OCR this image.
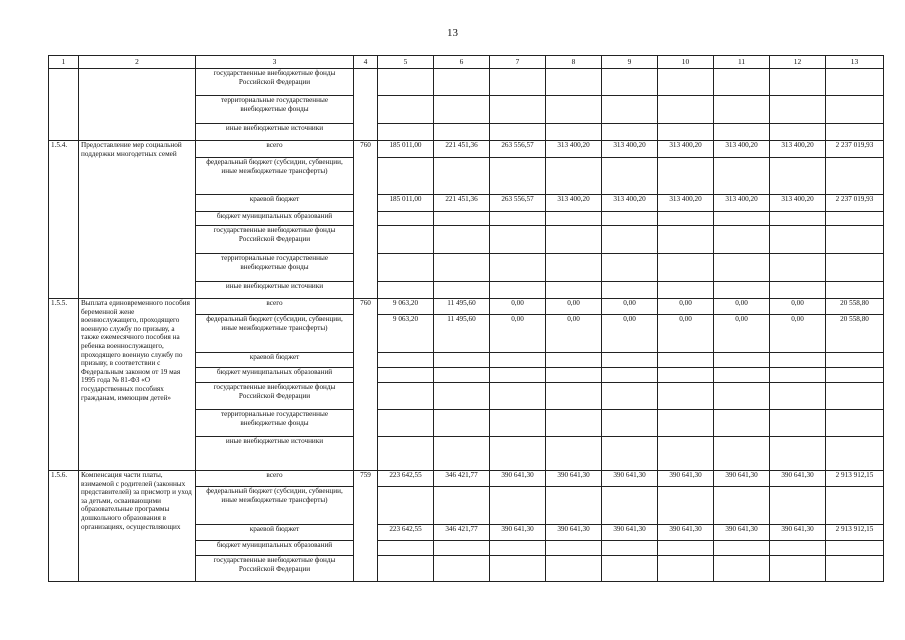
13
1	2	3	4	5	6	7	8	9	10	11	12	13
		государственные внебюджетные фонды Российской Федерации										
		территориальные государственные внебюджетные фонды										
		иные внебюджетные источники										
1.5.4.	Предоставление мер социальной поддержки многодетных семей	всего	760	185 011,00	221 451,36	263 556,57	313 400,20	313 400,20	313 400,20	313 400,20	313 400,20	2 237 019,93
		федеральный бюджет (субсидии, субвенции, иные межбюджетные трансферты)										
		краевой бюджет		185 011,00	221 451,36	263 556,57	313 400,20	313 400,20	313 400,20	313 400,20	313 400,20	2 237 019,93
		бюджет муниципальных образований										
		государственные внебюджетные фонды Российской Федерации										
		территориальные государственные внебюджетные фонды										
		иные внебюджетные источники										
1.5.5.	Выплата единовременного пособия беременной жене военнослужащего, проходящего военную службу по призыву, а также ежемесячного пособия на ребенка военнослужащего, проходящего военную службу по призыву, в соответствии с Федеральным законом от 19 мая 1995 года № 81-ФЗ «О государственных пособиях гражданам, имеющим детей»	всего	760	9 063,20	11 495,60	0,00	0,00	0,00	0,00	0,00	0,00	20 558,80
		федеральный бюджет (субсидии, субвенции, иные межбюджетные трансферты)		9 063,20	11 495,60	0,00	0,00	0,00	0,00	0,00	0,00	20 558,80
		краевой бюджет										
		бюджет муниципальных образований										
		государственные внебюджетные фонды Российской Федерации										
		территориальные государственные внебюджетные фонды										
		иные внебюджетные источники										
1.5.6.	Компенсация части платы, взимаемой с родителей (законных представителей) за присмотр и уход за детьми, осваивающими образовательные программы дошкольного образования в организациях, осуществляющих	всего	759	223 642,55	346 421,77	390 641,30	390 641,30	390 641,30	390 641,30	390 641,30	390 641,30	2 913 912,15
		федеральный бюджет (субсидии, субвенции, иные межбюджетные трансферты)										
		краевой бюджет		223 642,55	346 421,77	390 641,30	390 641,30	390 641,30	390 641,30	390 641,30	390 641,30	2 913 912,15
		бюджет муниципальных образований										
		государственные внебюджетные фонды Российской Федерации										
